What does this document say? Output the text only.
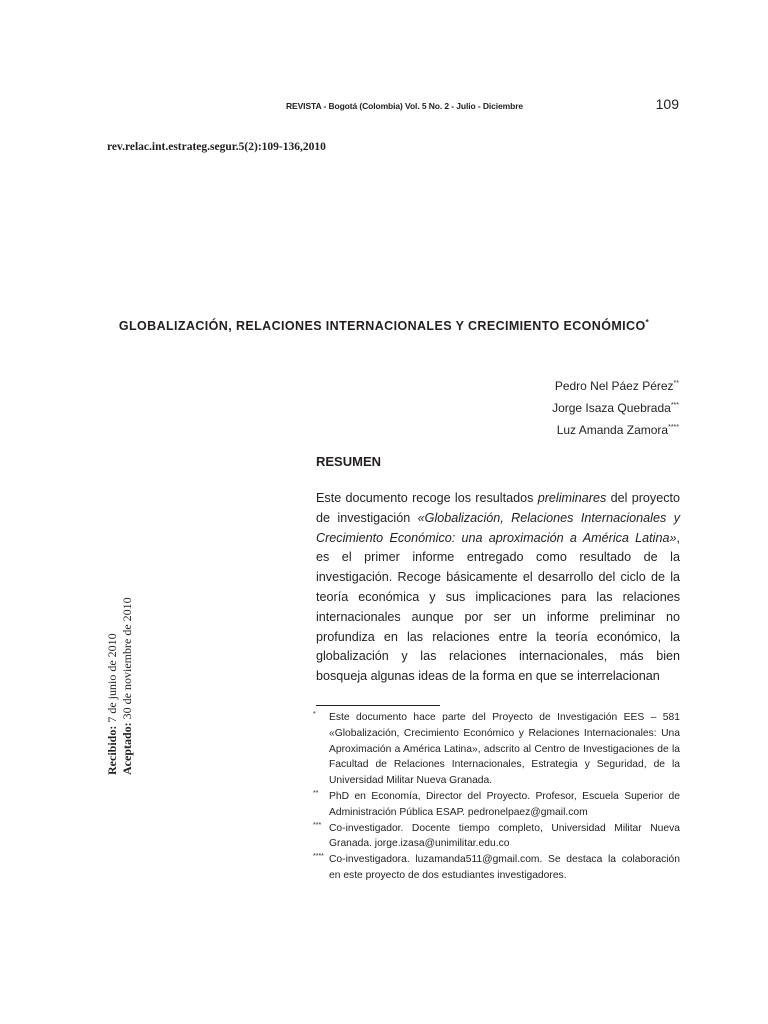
REVISTA - Bogotá (Colombia) Vol. 5 No. 2 - Julio - Diciembre	109
rev.relac.int.estrateg.segur.5(2):109-136,2010
GLOBALIZACIÓN, RELACIONES INTERNACIONALES Y CRECIMIENTO ECONÓMICO*
Pedro Nel Páez Pérez**
Jorge Isaza Quebrada***
Luz Amanda Zamora****
Recibido: 7 de junio de 2010
Aceptado: 30 de noviembre de 2010
RESUMEN
Este documento recoge los resultados preliminares del proyecto de investigación «Globalización, Relaciones Internacionales y Crecimiento Económico: una aproximación a América Latina», es el primer informe entregado como resultado de la investigación. Recoge básicamente el desarrollo del ciclo de la teoría económica y sus implicaciones para las relaciones internacionales aunque por ser un informe preliminar no profundiza en las relaciones entre la teoría económico, la globalización y las relaciones internacionales, más bien bosqueja algunas ideas de la forma en que se interrelacionan
* Este documento hace parte del Proyecto de Investigación EES – 581 «Globalización, Crecimiento Económico y Relaciones Internacionales: Una Aproximación a América Latina», adscrito al Centro de Investigaciones de la Facultad de Relaciones Internacionales, Estrategia y Seguridad, de la Universidad Militar Nueva Granada.
** PhD en Economía, Director del Proyecto. Profesor, Escuela Superior de Administración Pública ESAP. pedronelpaez@gmail.com
*** Co-investigador. Docente tiempo completo, Universidad Militar Nueva Granada. jorge.izasa@unimilitar.edu.co
**** Co-investigadora. luzamanda511@gmail.com. Se destaca la colaboración en este proyecto de dos estudiantes investigadores.
